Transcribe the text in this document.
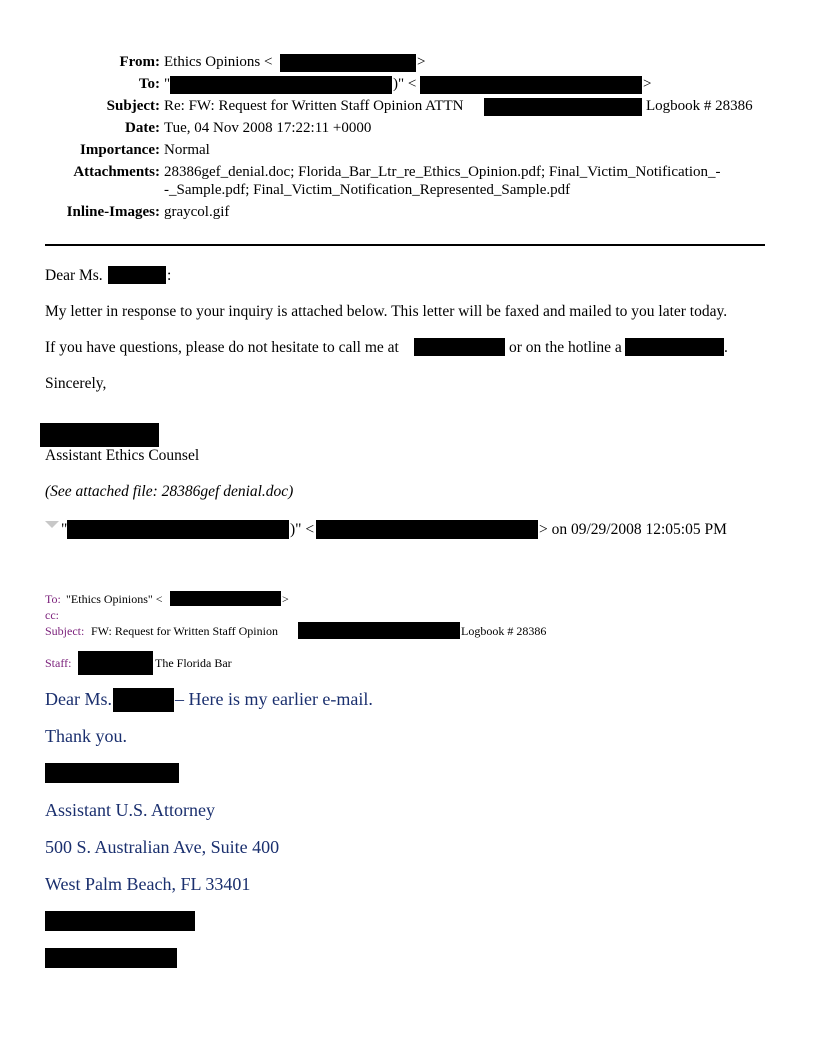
From: Ethics Opinions <	>
To: "	)" <	>
Subject: Re: FW: Request for Written Staff Opinion ATTN	Logbook # 28386
Date: Tue, 04 Nov 2008 17:22:11 +0000
Importance: Normal
Attachments: 28386gef_denial.doc; Florida_Bar_Ltr_re_Ethics_Opinion.pdf; Final_Victim_Notification_-
-_Sample.pdf; Final_Victim_Notification_Represented_Sample.pdf
Inline-Images: graycol.gif
Dear Ms.	:
My letter in response to your inquiry is attached below. This letter will be faxed and mailed to you later today.
If you have questions, please do not hesitate to call me at	or on the hotline a	.
Sincerely,
Assistant Ethics Counsel
(See attached file: 28386gef denial.doc)
"	)" <	> on 09/29/2008 12:05:05 PM
To: "Ethics Opinions" <	>
cc:
Subject: FW: Request for Written Staff Opinion	Logbook # 28386
Staff:	The Florida Bar
Dear Ms.	– Here is my earlier e-mail.
Thank you.
Assistant U.S. Attorney
500 S. Australian Ave, Suite 400
West Palm Beach, FL 33401
